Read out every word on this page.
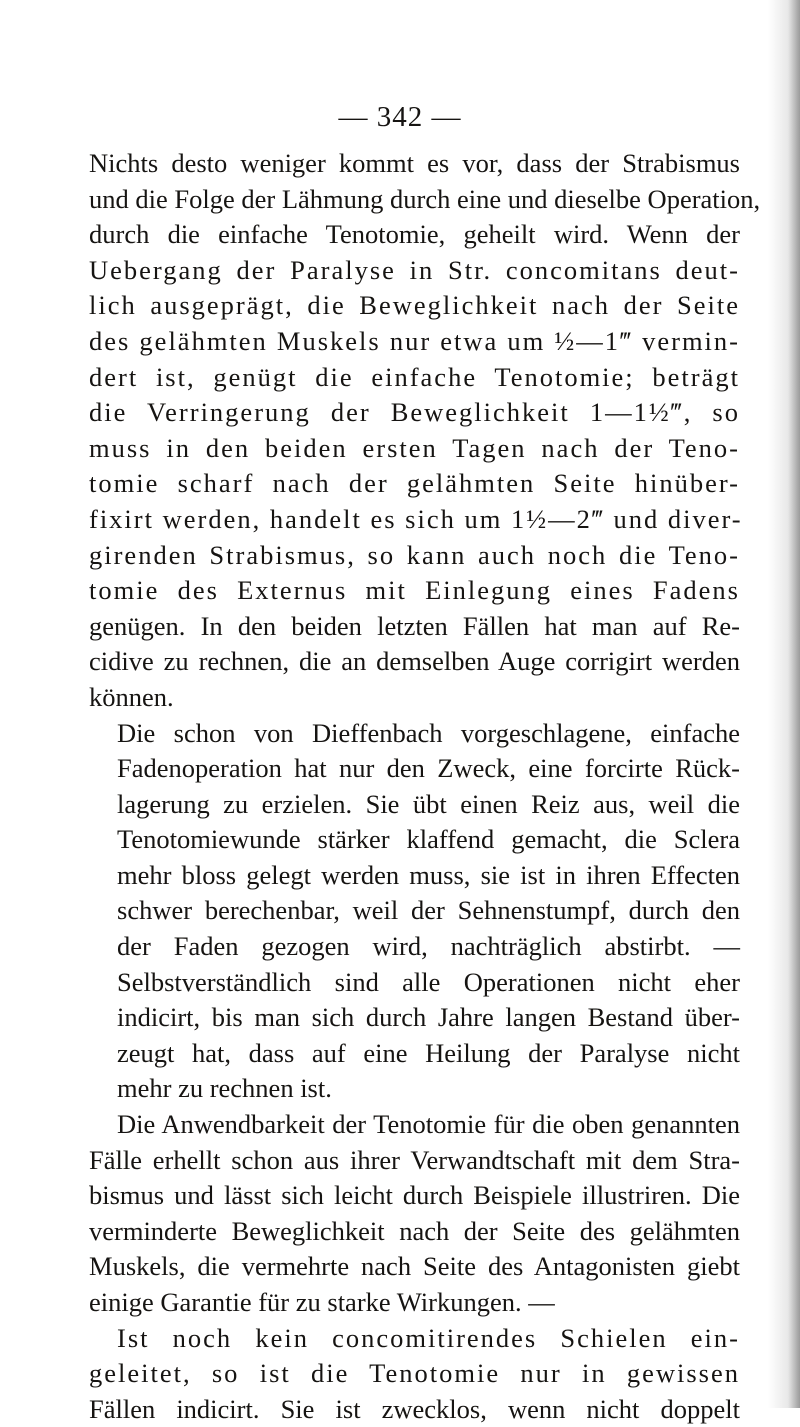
— 342 —
Nichts desto weniger kommt es vor, dass der Strabismus
und die Folge der Lähmung durch eine und dieselbe Operation,
durch die einfache Tenotomie, geheilt wird. Wenn der
Uebergang der Paralyse in Str. concomitans deut-
lich ausgeprägt, die Beweglichkeit nach der Seite
des gelähmten Muskels nur etwa um ½—1‴ vermin-
dert ist, genügt die einfache Tenotomie; beträgt
die Verringerung der Beweglichkeit 1—1½‴, so
muss in den beiden ersten Tagen nach der Teno-
tomie scharf nach der gelähmten Seite hinüber-
fixirt werden, handelt es sich um 1½—2‴ und diver-
girenden Strabismus, so kann auch noch die Teno-
tomie des Externus mit Einlegung eines Fadens
genügen. In den beiden letzten Fällen hat man auf Re-
cidive zu rechnen, die an demselben Auge corrigirt werden
können.
Die schon von Dieffenbach vorgeschlagene, einfache
Fadenoperation hat nur den Zweck, eine forcirte Rück-
lagerung zu erzielen. Sie übt einen Reiz aus, weil die
Tenotomiewunde stärker klaffend gemacht, die Sclera
mehr bloss gelegt werden muss, sie ist in ihren Effecten
schwer berechenbar, weil der Sehnenstumpf, durch den
der Faden gezogen wird, nachträglich abstirbt. —
Selbstverständlich sind alle Operationen nicht eher
indicirt, bis man sich durch Jahre langen Bestand über-
zeugt hat, dass auf eine Heilung der Paralyse nicht
mehr zu rechnen ist.
Die Anwendbarkeit der Tenotomie für die oben genannten
Fälle erhellt schon aus ihrer Verwandtschaft mit dem Stra-
bismus und lässt sich leicht durch Beispiele illustriren. Die
verminderte Beweglichkeit nach der Seite des gelähmten
Muskels, die vermehrte nach Seite des Antagonisten giebt
einige Garantie für zu starke Wirkungen. —
Ist noch kein concomitirendes Schielen ein-
geleitet, so ist die Tenotomie nur in gewissen
Fällen indicirt. Sie ist zwecklos, wenn nicht doppelt
